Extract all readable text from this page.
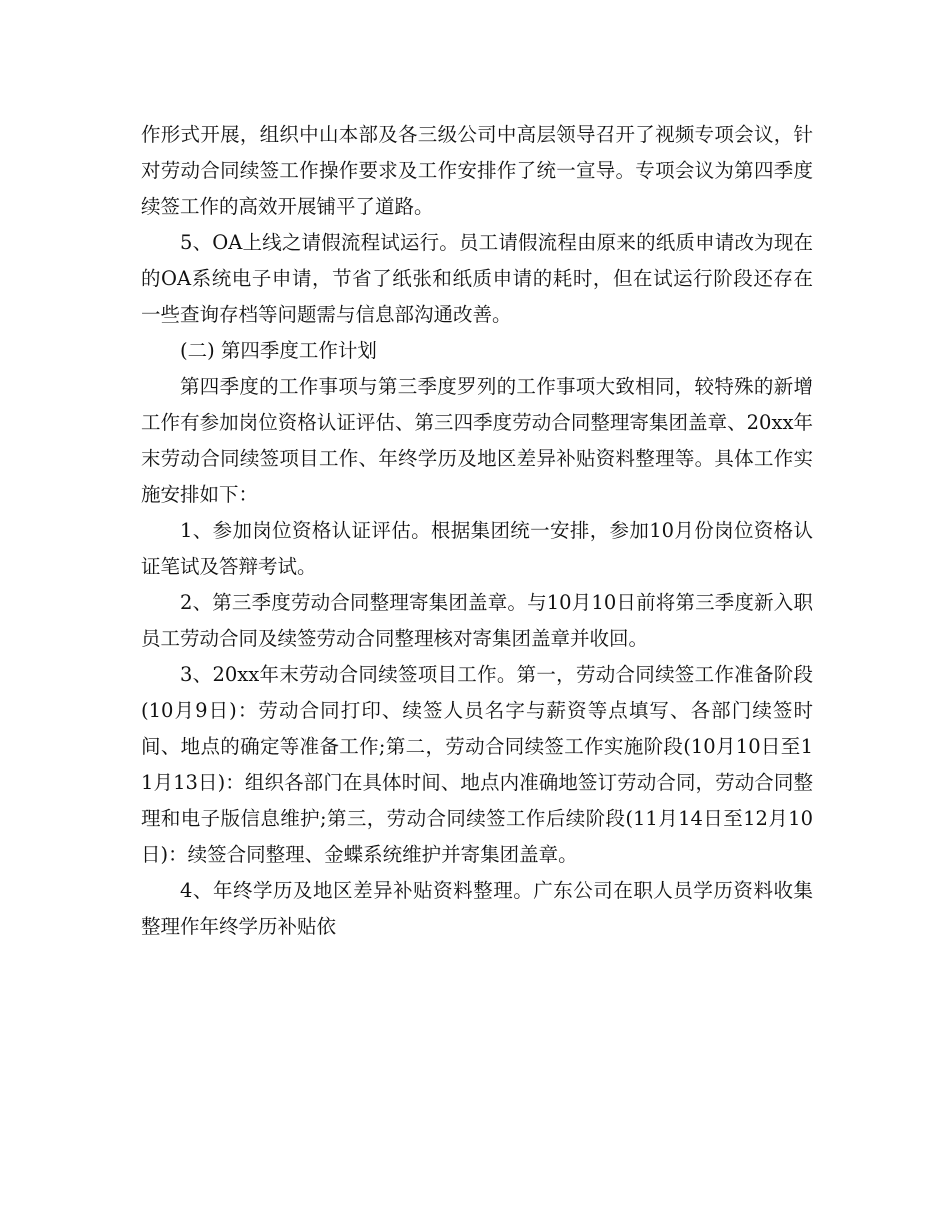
作形式开展，组织中山本部及各三级公司中高层领导召开了视频专项会议，针对劳动合同续签工作操作要求及工作安排作了统一宣导。专项会议为第四季度续签工作的高效开展铺平了道路。

5、OA上线之请假流程试运行。员工请假流程由原来的纸质申请改为现在的OA系统电子申请，节省了纸张和纸质申请的耗时，但在试运行阶段还存在一些查询存档等问题需与信息部沟通改善。

(二) 第四季度工作计划

第四季度的工作事项与第三季度罗列的工作事项大致相同，较特殊的新增工作有参加岗位资格认证评估、第三四季度劳动合同整理寄集团盖章、20xx年末劳动合同续签项目工作、年终学历及地区差异补贴资料整理等。具体工作实施安排如下：

1、参加岗位资格认证评估。根据集团统一安排，参加10月份岗位资格认证笔试及答辩考试。

2、第三季度劳动合同整理寄集团盖章。与10月10日前将第三季度新入职员工劳动合同及续签劳动合同整理核对寄集团盖章并收回。

3、20xx年末劳动合同续签项目工作。第一，劳动合同续签工作准备阶段(10月9日)：劳动合同打印、续签人员名字与薪资等点填写、各部门续签时间、地点的确定等准备工作;第二，劳动合同续签工作实施阶段(10月10日至11月13日)：组织各部门在具体时间、地点内准确地签订劳动合同，劳动合同整理和电子版信息维护;第三，劳动合同续签工作后续阶段(11月14日至12月10日)：续签合同整理、金蝶系统维护并寄集团盖章。

4、年终学历及地区差异补贴资料整理。广东公司在职人员学历资料收集整理作年终学历补贴依
